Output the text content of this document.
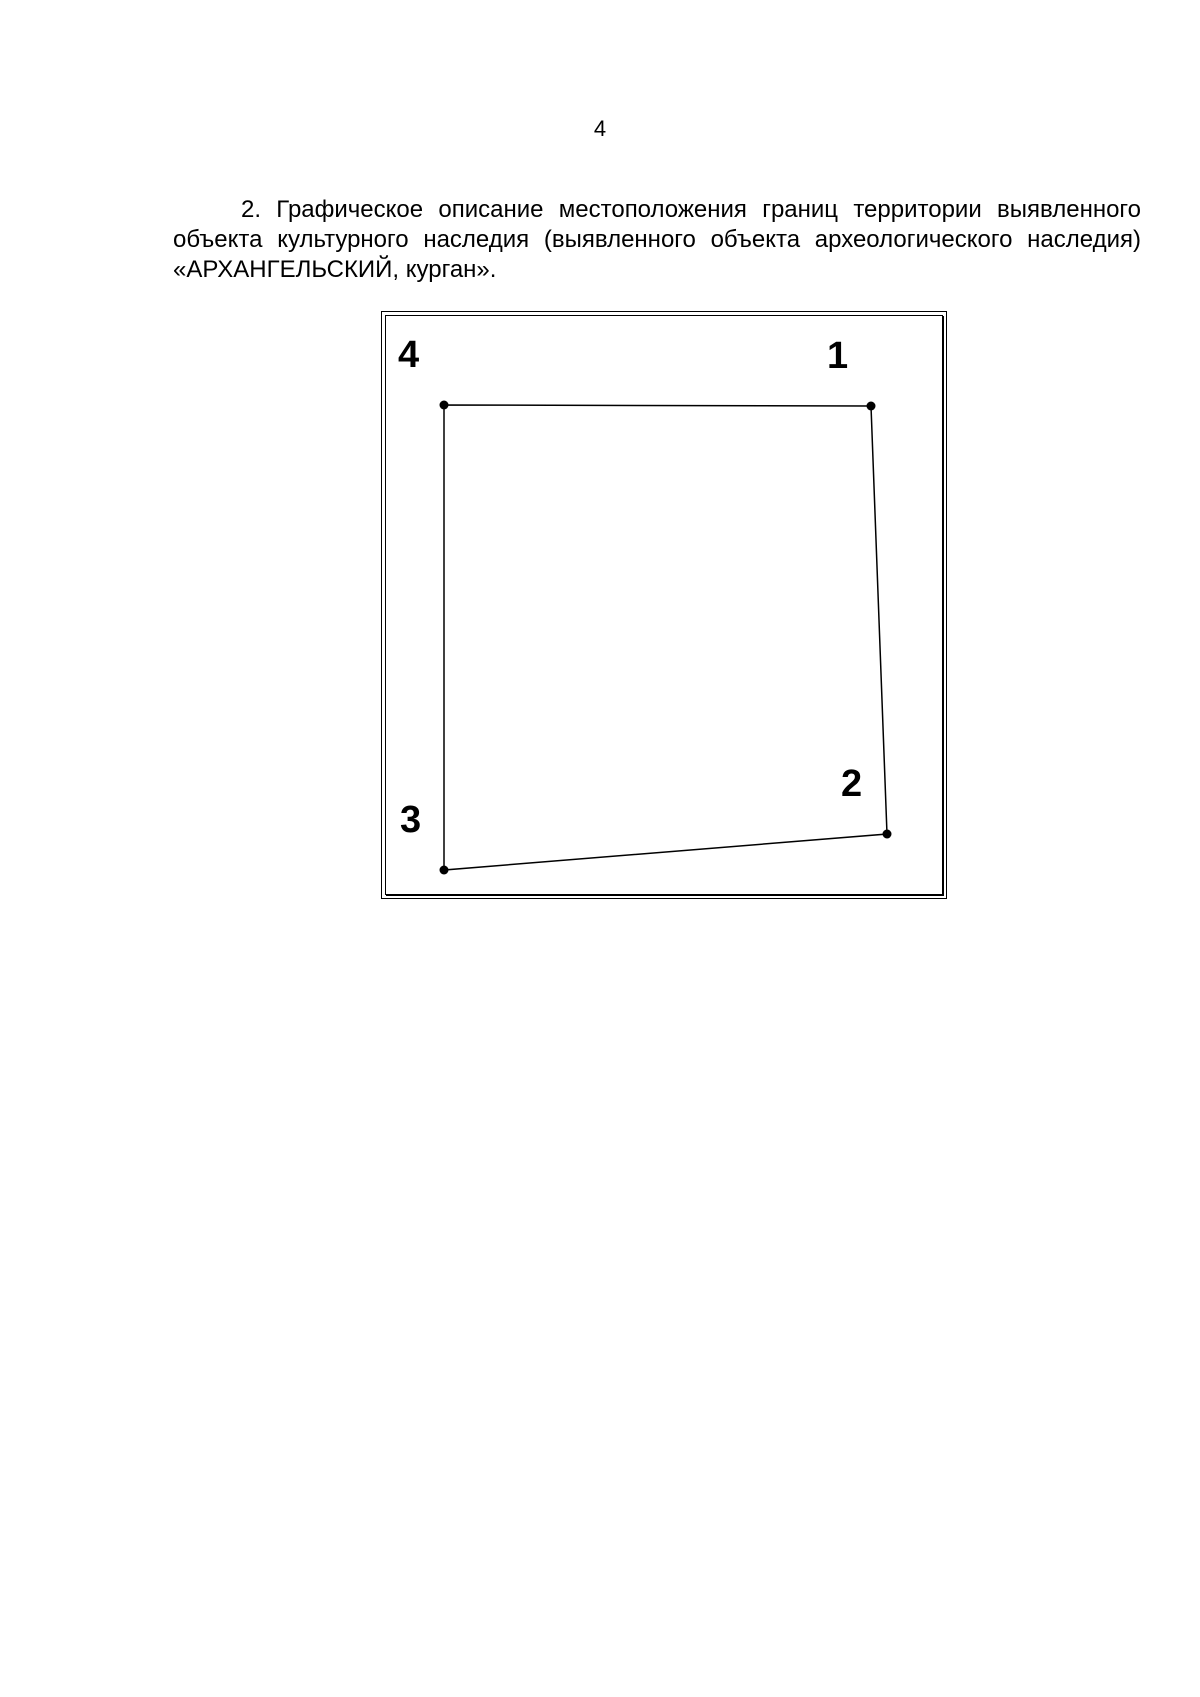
4

2. Графическое описание местоположения границ территории выявленного объекта культурного наследия (выявленного объекта археологического наследия) «АРХАНГЕЛЬСКИЙ, курган».

1
2
3
4
